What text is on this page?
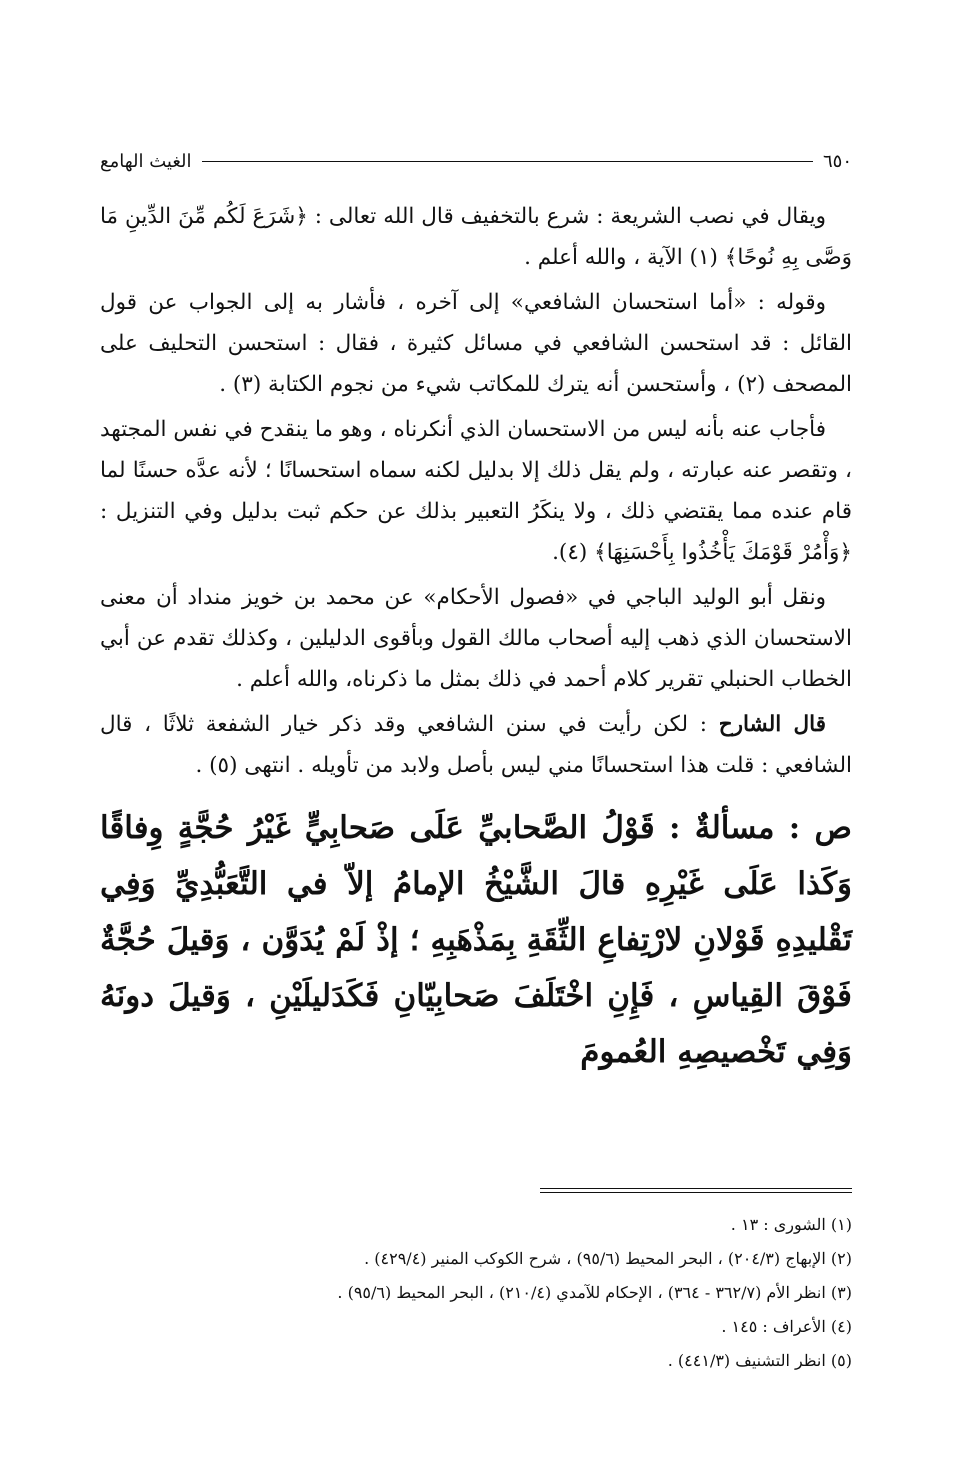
٦٥٠
الغيث الهامع

ويقال في نصب الشريعة : شرع بالتخفيف قال الله تعالى : ﴿شَرَعَ لَكُم مِّنَ الدِّينِ مَا وَصَّى بِهِ نُوحًا﴾ (١) الآية ، والله أعلم .

وقوله : «أما استحسان الشافعي» إلى آخره ، فأشار به إلى الجواب عن قول القائل : قد استحسن الشافعي في مسائل كثيرة ، فقال : استحسن التحليف على المصحف (٢) ، وأستحسن أنه يترك للمكاتب شيء من نجوم الكتابة (٣) .

فأجاب عنه بأنه ليس من الاستحسان الذي أنكرناه ، وهو ما ينقدح في نفس المجتهد ، وتقصر عنه عبارته ، ولم يقل ذلك إلا بدليل لكنه سماه استحسانًا ؛ لأنه عدَّه حسنًا لما قام عنده مما يقتضي ذلك ، ولا ينكَرُ التعبير بذلك عن حكم ثبت بدليل وفي التنزيل : ﴿وَأْمُرْ قَوْمَكَ يَأْخُذُوا بِأَحْسَنِهَا﴾ (٤).

ونقل أبو الوليد الباجي في «فصول الأحكام» عن محمد بن خويز منداد أن معنى الاستحسان الذي ذهب إليه أصحاب مالك القول وبأقوى الدليلين ، وكذلك تقدم عن أبي الخطاب الحنبلي تقرير كلام أحمد في ذلك بمثل ما ذكرناه، والله أعلم .

قال الشارح : لكن رأيت في سنن الشافعي وقد ذكر خيار الشفعة ثلاثًا ، قال الشافعي : قلت هذا استحسانًا مني ليس بأصل ولابد من تأويله . انتهى (٥) .

ص : مسألةٌ : قَوْلُ الصَّحابيِّ عَلَى صَحابِيٍّ غَيْرُ حُجَّةٍ وِفاقًا وَكَذا عَلَى غَيْرِهِ قالَ الشَّيْخُ الإمامُ إلاّ في التَّعَبُّدِيِّ وَفِي تَقْليدِهِ قَوْلانِ لارْتِفاعِ الثِّقَةِ بِمَذْهَبِهِ ؛ إذْ لَمْ يُدَوَّن ، وَقيلَ حُجَّةٌ فَوْقَ القِياسِ ، فَإِنِ اخْتَلَفَ صَحابِيّانِ فَكَدَليلَيْنِ ، وَقيلَ دونَهُ وَفِي تَخْصيصِهِ العُمومَ

(١) الشورى : ١٣ .

(٢) الإبهاج (٢٠٤/٣) ، البحر المحيط (٩٥/٦) ، شرح الكوكب المنير (٤٢٩/٤) .

(٣) انظر الأم (٣٦٢/٧ - ٣٦٤) ، الإحكام للآمدي (٢١٠/٤) ، البحر المحيط (٩٥/٦) .

(٤) الأعراف : ١٤٥ .

(٥) انظر التشنيف (٤٤١/٣) .
